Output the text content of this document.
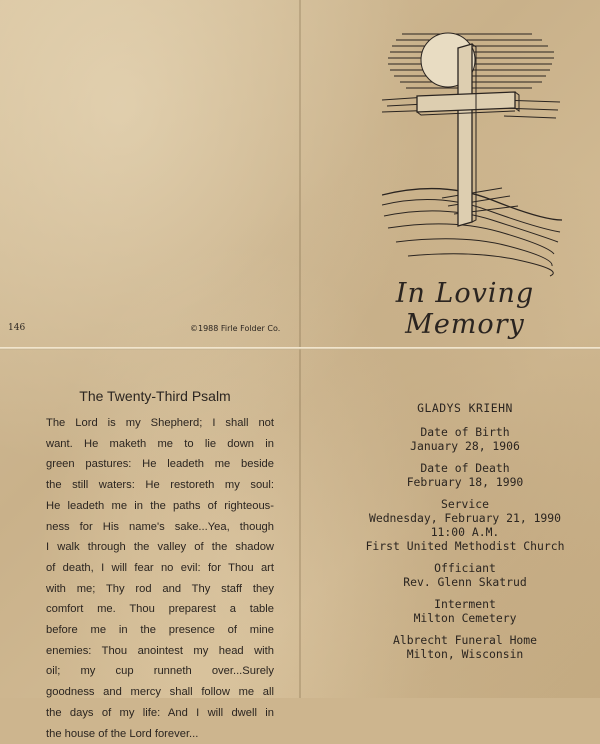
146	©1988 Firle Folder Co.
In Loving Memory
The Twenty-Third Psalm
The Lord is my Shepherd; I shall not
want. He maketh me to lie down in
green pastures: He leadeth me beside
the still waters: He restoreth my soul:
He leadeth me in the paths of righteous-
ness for His name's sake...Yea, though
I walk through the valley of the shadow
of death, I will fear no evil: for Thou art
with me; Thy rod and Thy staff they
comfort me. Thou preparest a table
before me in the presence of mine
enemies: Thou anointest my head with
oil; my cup runneth over...Surely
goodness and mercy shall follow me all
the days of my life: And I will dwell in
the house of the Lord forever...
GLADYS KRIEHN
Date of Birth
January 28, 1906
Date of Death
February 18, 1990
Service
Wednesday, February 21, 1990
11:00 A.M.
First United Methodist Church
Officiant
Rev. Glenn Skatrud
Interment
Milton Cemetery
Albrecht Funeral Home
Milton, Wisconsin
